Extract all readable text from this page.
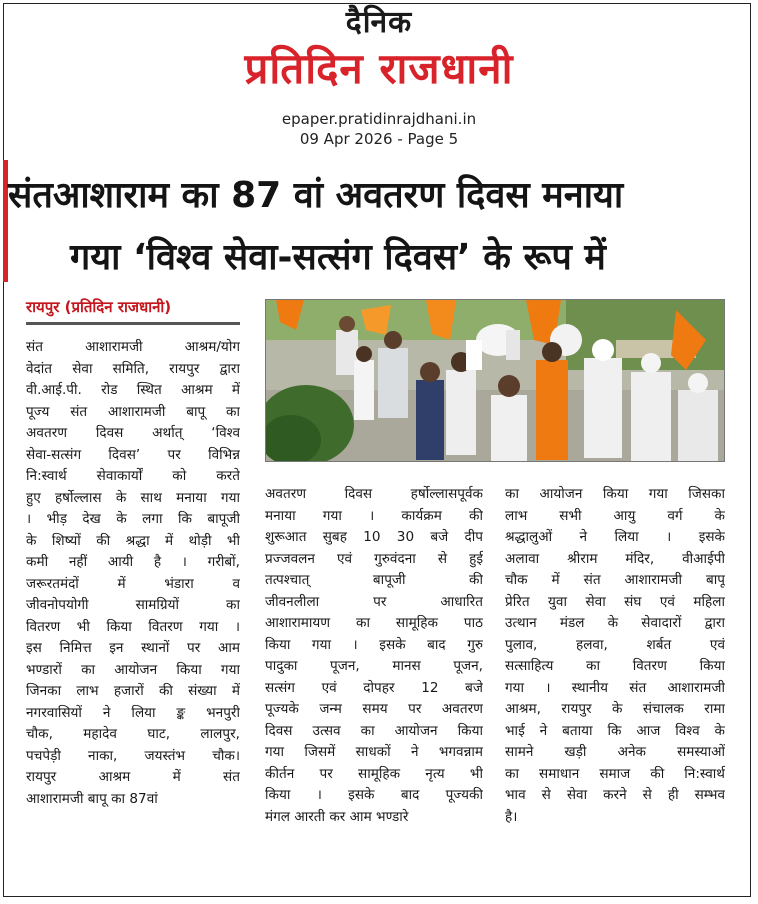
दैनिक
प्रतिदिन राजधानी
epaper.pratidinrajdhani.in
09 Apr 2026 - Page 5
संतआशाराम का 87 वां अवतरण दिवस मनाया
गया ‘विश्व सेवा-सत्संग दिवस’ के रूप में
रायपुर (प्रतिदिन राजधानी)
संत आशारामजी आश्रम/योग
वेदांत सेवा समिति, रायपुर द्वारा
वी.आई.पी. रोड स्थित आश्रम में
पूज्य संत आशारामजी बापू का
अवतरण दिवस अर्थात् ‘विश्व
सेवा-सत्संग दिवस’ पर विभिन्न
नि:स्वार्थ सेवाकार्यों को करते
हुए हर्षोल्लास के साथ मनाया गया
। भीड़ देख के लगा कि बापूजी
के शिष्यों की श्रद्धा में थोड़ी भी
कमी नहीं आयी है । गरीबों,
जरूरतमंदों में भंडारा व
जीवनोपयोगी सामग्रियों का
वितरण भी किया वितरण गया ।
इस निमित्त इन स्थानों पर आम
भण्डारों का आयोजन किया गया
जिनका लाभ हजारों की संख्या में
नगरवासियों ने लिया ङ्क भनपुरी
चौक, महादेव घाट, लालपुर,
पचपेड़ी नाका, जयस्तंभ चौक।
रायपुर आश्रम में संत
आशारामजी बापू का 87वां
अवतरण दिवस हर्षोल्लासपूर्वक
मनाया गया । कार्यक्रम की
शुरूआत सुबह 10 30 बजे दीप
प्रज्जवलन एवं गुरुवंदना से हुई
तत्पश्चात् बापूजी की
जीवनलीला पर आधारित
आशारामायण का सामूहिक पाठ
किया गया । इसके बाद गुरु
पादुका पूजन, मानस पूजन,
सत्संग एवं दोपहर 12 बजे
पूज्यके जन्म समय पर अवतरण
दिवस उत्सव का आयोजन किया
गया जिसमें साधकों ने भगवन्नाम
कीर्तन पर सामूहिक नृत्य भी
किया । इसके बाद पूज्यकी
मंगल आरती कर आम भण्डारे
का आयोजन किया गया जिसका
लाभ सभी आयु वर्ग के
श्रद्धालुओं ने लिया । इसके
अलावा श्रीराम मंदिर, वीआईपी
चौक में संत आशारामजी बापू
प्रेरित युवा सेवा संघ एवं महिला
उत्थान मंडल के सेवादारों द्वारा
पुलाव, हलवा, शर्बत एवं
सत्साहित्य का वितरण किया
गया । स्थानीय संत आशारामजी
आश्रम, रायपुर के संचालक रामा
भाई ने बताया कि आज विश्व के
सामने खड़ी अनेक समस्याओं
का समाधान समाज की नि:स्वार्थ
भाव से सेवा करने से ही सम्भव
है।
